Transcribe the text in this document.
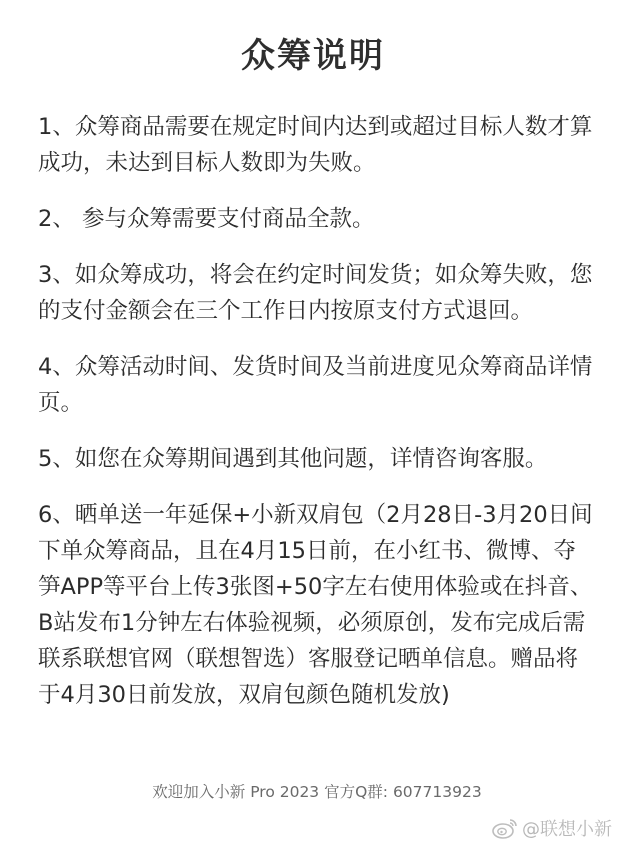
众筹说明

1、众筹商品需要在规定时间内达到或超过目标人数才算成功，未达到目标人数即为失败。

2、 参与众筹需要支付商品全款。

3、如众筹成功，将会在约定时间发货；如众筹失败，您的支付金额会在三个工作日内按原支付方式退回。

4、众筹活动时间、发货时间及当前进度见众筹商品详情页。

5、如您在众筹期间遇到其他问题，详情咨询客服。

6、晒单送一年延保+小新双肩包（2月28日-3月20日间下单众筹商品，且在4月15日前，在小红书、微博、夺笋APP等平台上传3张图+50字左右使用体验或在抖音、B站发布1分钟左右体验视频，必须原创，发布完成后需联系联想官网（联想智选）客服登记晒单信息。赠品将于4月30日前发放，双肩包颜色随机发放)

欢迎加入小新 Pro 2023 官方Q群: 607713923
@联想小新
